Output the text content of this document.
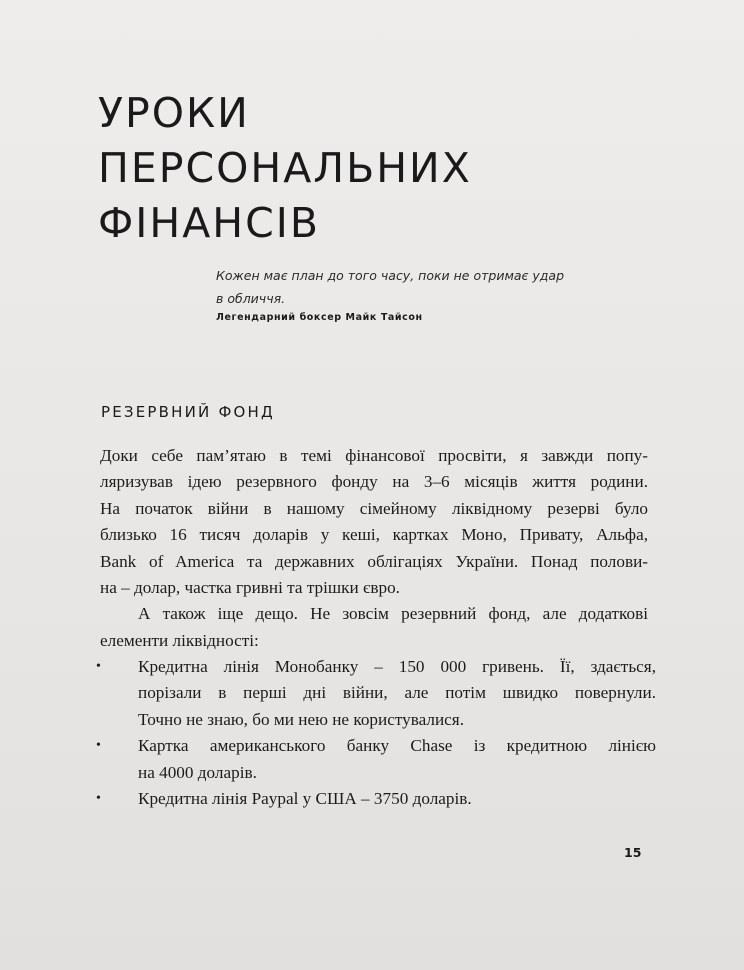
УРОКИ
ПЕРСОНАЛЬНИХ
ФІНАНСІВ

Кожен має план до того часу, поки не отримає удар
в обличчя.

Легендарний боксер Майк Тайсон
РЕЗЕРВНИЙ ФОНД

Доки себе пам’ятаю в темі фінансової просвіти, я завжди попу-
ляризував ідею резервного фонду на 3–6 місяців життя родини.
На початок війни в нашому сімейному ліквідному резерві було
близько 16 тисяч доларів у кеші, картках Моно, Привату, Альфа,
Bank of America та державних облігаціях України. Понад полови-
на – долар, частка гривні та трішки євро.

А також іще дещо. Не зовсім резервний фонд, але додаткові
елементи ліквідності:

• Кредитна лінія Монобанку – 150 000 гривень. Її, здається,
порізали в перші дні війни, але потім швидко повернули.
Точно не знаю, бо ми нею не користувалися.
• Картка американського банку Chase із кредитною лінією
на 4000 доларів.
• Кредитна лінія Paypal у США – 3750 доларів.
15
